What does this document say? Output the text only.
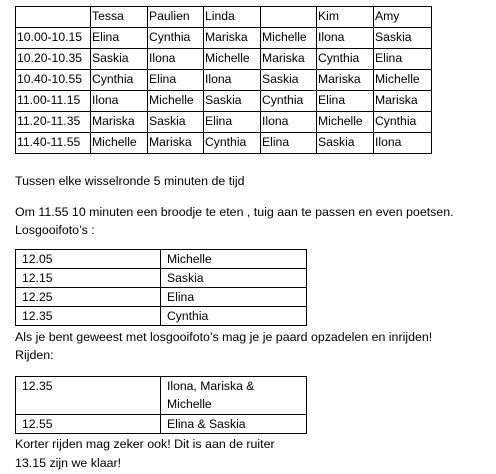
	Tessa	Paulien	Linda		Kim	Amy
10.00-10.15	Elina	Cynthia	Mariska	Michelle	Ilona	Saskia
10.20-10.35	Saskia	Ilona	Michelle	Mariska	Cynthia	Elina
10.40-10.55	Cynthia	Elina	Ilona	Saskia	Mariska	Michelle
11.00-11.15	Ilona	Michelle	Saskia	Cynthia	Elina	Mariska
11.20-11.35	Mariska	Saskia	Elina	Ilona	Michelle	Cynthia
11.40-11.55	Michelle	Mariska	Cynthia	Elina	Saskia	Ilona

Tussen elke wisselronde 5 minuten de tijd

Om 11.55 10 minuten een broodje te eten , tuig aan te passen en even poetsen.

Losgooifoto’s :

12.05	Michelle
12.15	Saskia
12.25	Elina
12.35	Cynthia

Als je bent geweest met losgooifoto’s mag je je paard opzadelen en inrijden!

Rijden:

12.35	Ilona, Mariska & Michelle
12.55	Elina & Saskia

Korter rijden mag zeker ook! Dit is aan de ruiter

13.15 zijn we klaar!
